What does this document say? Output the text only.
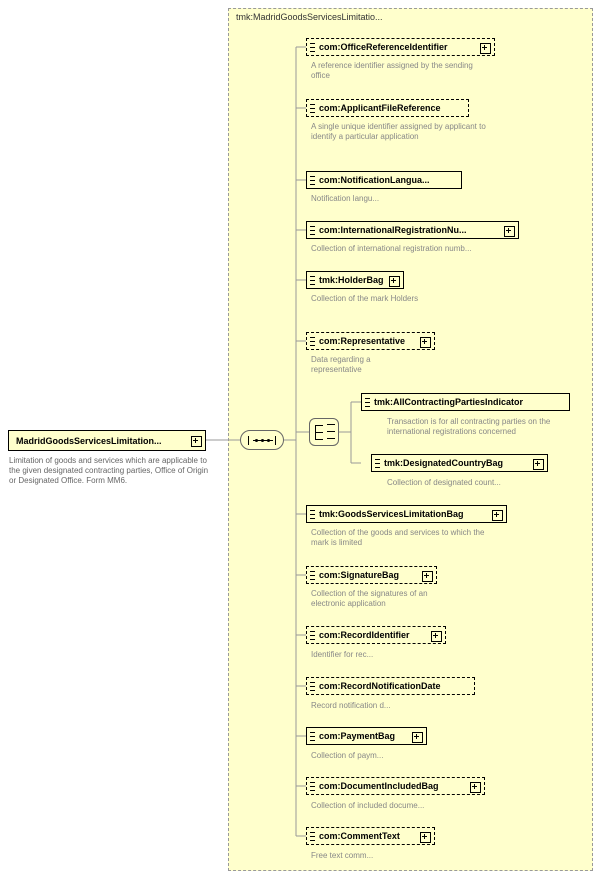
tmk:MadridGoodsServicesLimitatio...
MadridGoodsServicesLimitation...
Limitation of goods and services which are applicable to the given designated contracting parties, Office of Origin or Designated Office. Form MM6.
com:OfficeReferenceIdentifier
A reference identifier assigned by the sending office
com:ApplicantFileReference
A single unique identifier assigned by applicant to identify a particular application
com:NotificationLangua...
Notification langu...
com:InternationalRegistrationNu...
Collection of international registration numb...
tmk:HolderBag
Collection of the mark Holders
com:Representative
Data regarding a representative
tmk:AllContractingPartiesIndicator
Transaction is for all contracting parties on the international registrations concerned
tmk:DesignatedCountryBag
Collection of designated count...
tmk:GoodsServicesLimitationBag
Collection of the goods and services to which the mark is limited
com:SignatureBag
Collection of the signatures of an electronic application
com:RecordIdentifier
Identifier for rec...
com:RecordNotificationDate
Record notification d...
com:PaymentBag
Collection of paym...
com:DocumentIncludedBag
Collection of included docume...
com:CommentText
Free text comm...
